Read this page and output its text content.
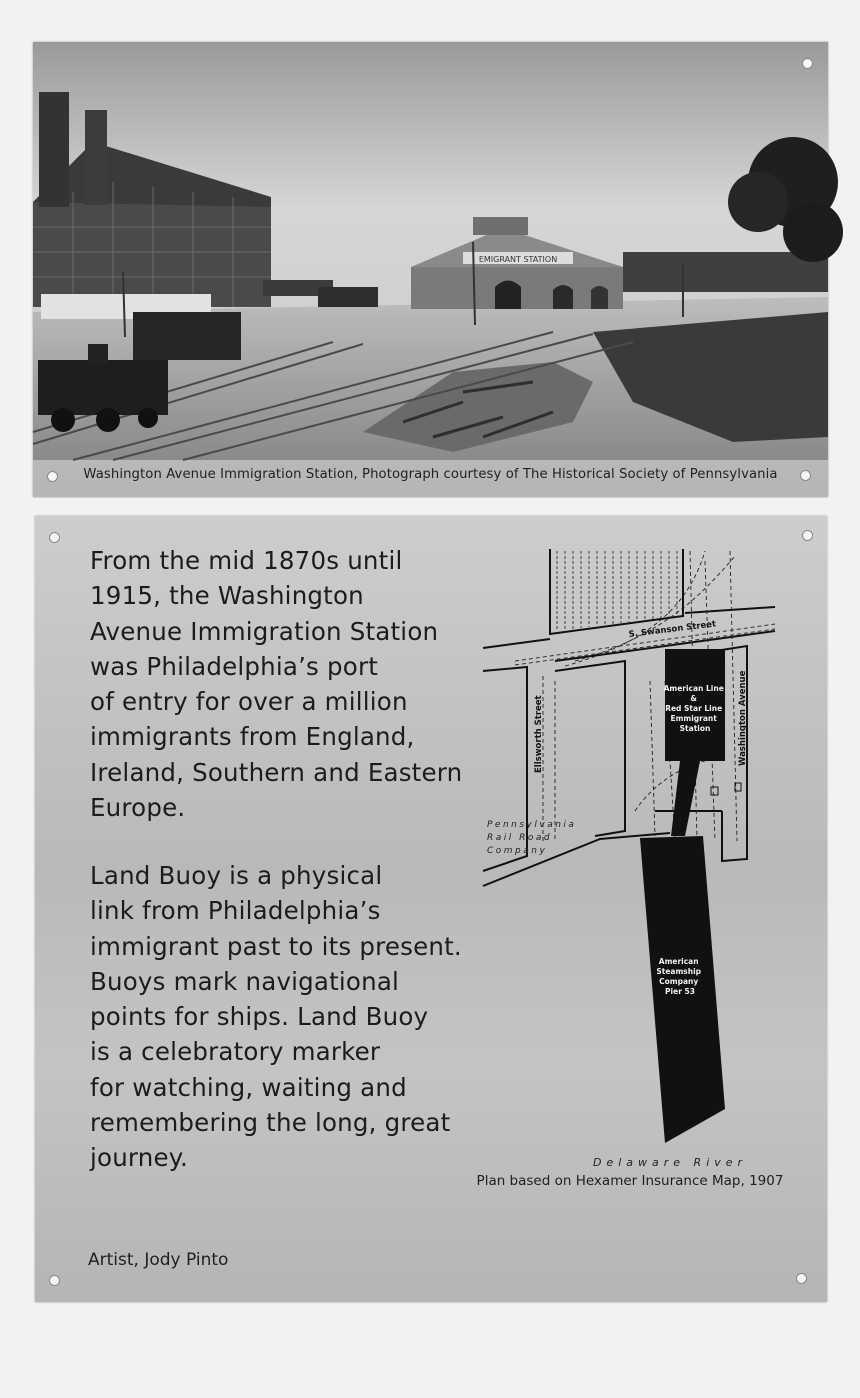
EMIGRANT STATION
Washington Avenue Immigration Station, Photograph courtesy of The Historical Society of Pennsylvania
From the mid 1870s until
1915, the Washington
Avenue Immigration Station
was Philadelphia’s port
of entry for over a million
immigrants from England,
Ireland, Southern and Eastern
Europe.
Land Buoy is a physical
link from Philadelphia’s
immigrant past to its present.
Buoys mark navigational
points for ships. Land Buoy
is a celebratory marker
for watching, waiting and
remembering the long, great
journey.
Artist, Jody Pinto
American Line & Red Star Line Emmigrant Station
American Steamship Company Pier 53
S. Swanson Street
Washington Avenue
Ellsworth Street
Pennsylvania Rail Road Company
Delaware River
Plan based on Hexamer Insurance Map, 1907
